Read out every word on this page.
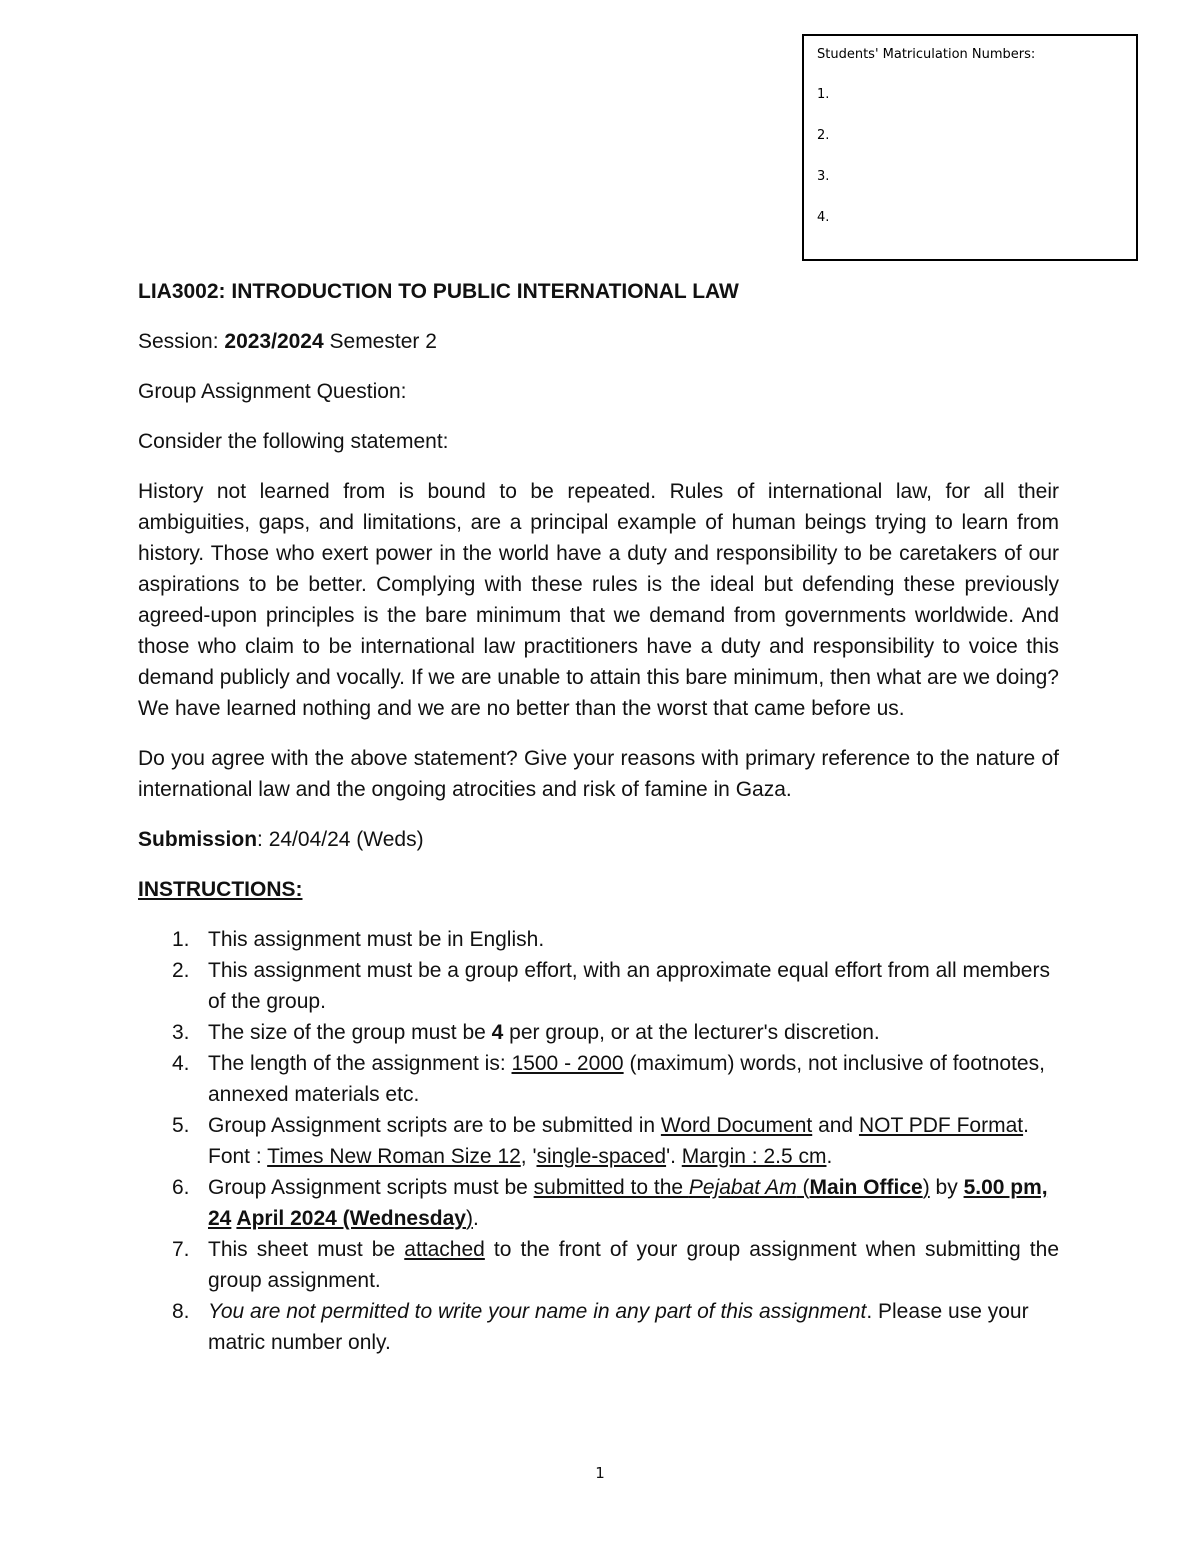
Students' Matriculation Numbers:
1.
2.
3.
4.

LIA3002: INTRODUCTION TO PUBLIC INTERNATIONAL LAW

Session: 2023/2024 Semester 2

Group Assignment Question:

Consider the following statement:

History not learned from is bound to be repeated. Rules of international law, for all their ambiguities, gaps, and limitations, are a principal example of human beings trying to learn from history. Those who exert power in the world have a duty and responsibility to be caretakers of our aspirations to be better. Complying with these rules is the ideal but defending these previously agreed-upon principles is the bare minimum that we demand from governments worldwide. And those who claim to be international law practitioners have a duty and responsibility to voice this demand publicly and vocally. If we are unable to attain this bare minimum, then what are we doing? We have learned nothing and we are no better than the worst that came before us.

Do you agree with the above statement? Give your reasons with primary reference to the nature of international law and the ongoing atrocities and risk of famine in Gaza.

Submission: 24/04/24 (Weds)

INSTRUCTIONS:

1. This assignment must be in English.
2. This assignment must be a group effort, with an approximate equal effort from all members of the group.
3. The size of the group must be 4 per group, or at the lecturer's discretion.
4. The length of the assignment is: 1500 - 2000 (maximum) words, not inclusive of footnotes, annexed materials etc.
5. Group Assignment scripts are to be submitted in Word Document and NOT PDF Format. Font : Times New Roman Size 12, 'single-spaced'. Margin : 2.5 cm.
6. Group Assignment scripts must be submitted to the Pejabat Am (Main Office) by 5.00 pm, 24 April 2024 (Wednesday).
7. This sheet must be attached to the front of your group assignment when submitting the group assignment.
8. You are not permitted to write your name in any part of this assignment. Please use your matric number only.
1
